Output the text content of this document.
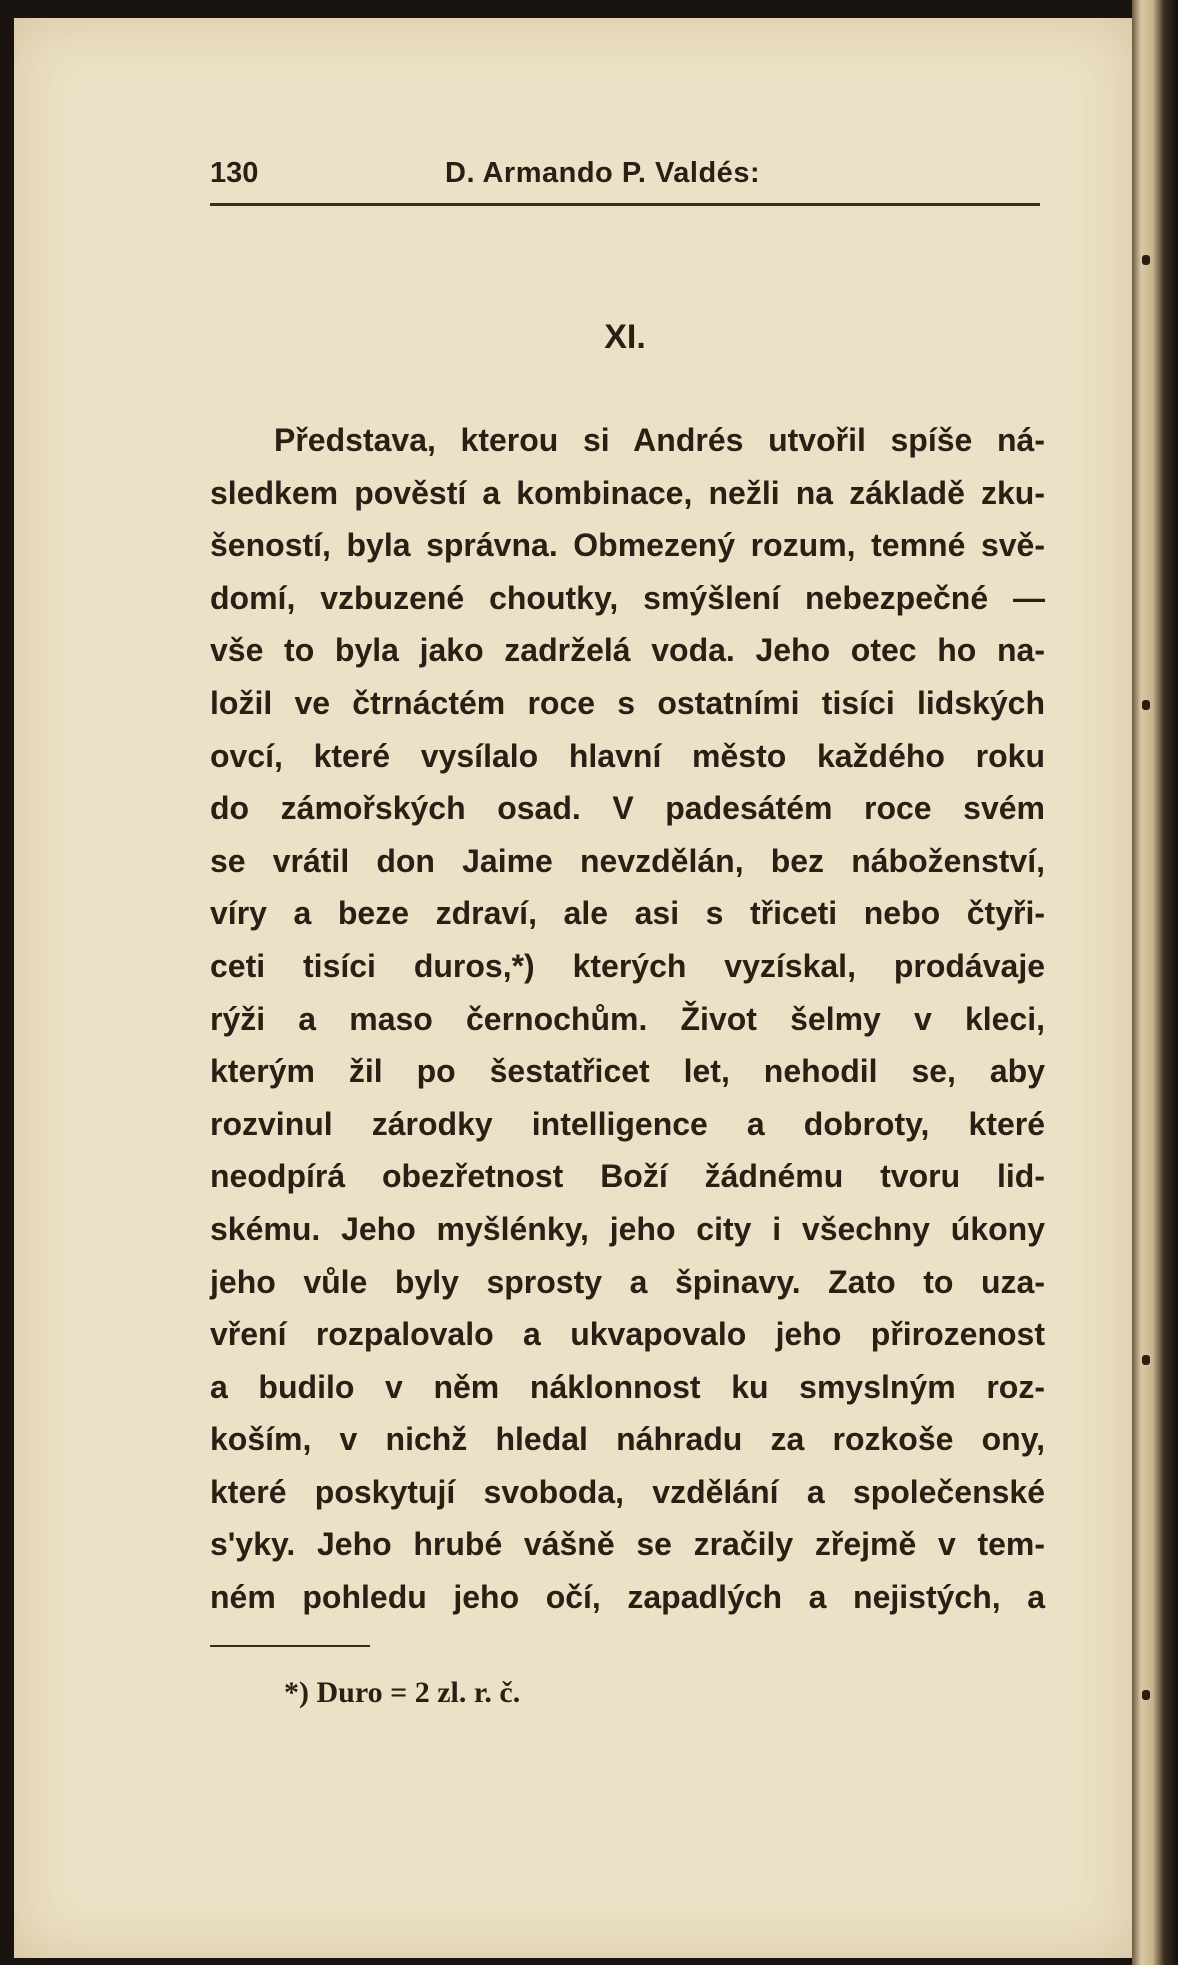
130	D. Armando P. Valdés:
XI.
Představa, kterou si Andrés utvořil spíše ná-
sledkem pověstí a kombinace, nežli na základě zku-
šeností, byla správna. Obmezený rozum, temné svě-
domí, vzbuzené choutky, smýšlení nebezpečné —
vše to byla jako zadrželá voda. Jeho otec ho na-
ložil ve čtrnáctém roce s ostatními tisíci lidských
ovcí, které vysílalo hlavní město každého roku
do zámořských osad. V padesátém roce svém
se vrátil don Jaime nevzdělán, bez náboženství,
víry a beze zdraví, ale asi s třiceti nebo čtyři-
ceti tisíci duros,*) kterých vyzískal, prodávaje
rýži a maso černochům. Život šelmy v kleci,
kterým žil po šestatřicet let, nehodil se, aby
rozvinul zárodky intelligence a dobroty, které
neodpírá obezřetnost Boží žádnému tvoru lid-
skému. Jeho myšlénky, jeho city i všechny úkony
jeho vůle byly sprosty a špinavy. Zato to uza-
vření rozpalovalo a ukvapovalo jeho přirozenost
a budilo v něm náklonnost ku smyslným roz-
koším, v nichž hledal náhradu za rozkoše ony,
které poskytují svoboda, vzdělání a společenské
s'yky. Jeho hrubé vášně se zračily zřejmě v tem-
ném pohledu jeho očí, zapadlých a nejistých, a
*) Duro = 2 zl. r. č.
